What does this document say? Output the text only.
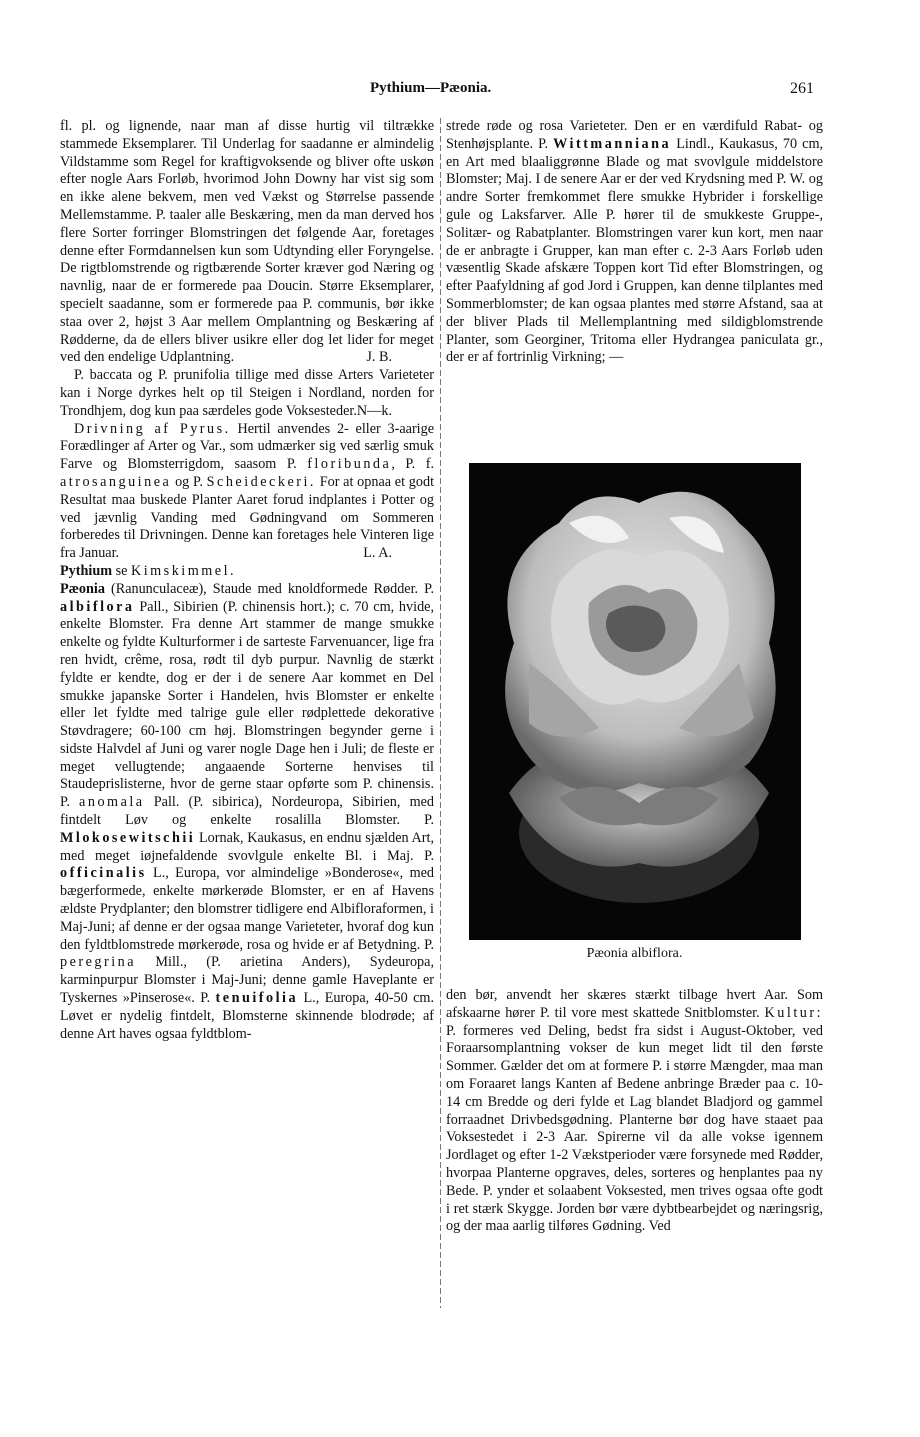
Pythium—Pæonia.	261

fl. pl. og lignende, naar man af disse hurtig vil tiltrække stammede Eksemplarer. Til Underlag for saadanne er almindelig Vildstamme som Regel for kraftigvoksende og bliver ofte uskøn efter nogle Aars Forløb, hvorimod John Downy har vist sig som en ikke alene bekvem, men ved Vækst og Størrelse passende Mellemstamme. P. taaler alle Beskæring, men da man derved hos flere Sorter forringer Blomstringen det følgende Aar, foretages denne efter Formdannelsen kun som Udtynding eller Foryngelse. De rigtblomstrende og rigtbærende Sorter kræver god Næring og navnlig, naar de er formerede paa Doucin. Større Eksemplarer, specielt saadanne, som er formerede paa P. communis, bør ikke staa over 2, højst 3 Aar mellem Omplantning og Beskæring af Rødderne, da de ellers bliver usikre eller dog let lider for meget ved den endelige Udplantning.	J. B.

P. baccata og P. prunifolia tillige med disse Arters Varieteter kan i Norge dyrkes helt op til Steigen i Nordland, norden for Trondhjem, dog kun paa særdeles gode Voksesteder. N—k.

Drivning af Pyrus. Hertil anvendes 2- eller 3-aarige Forædlinger af Arter og Var., som udmærker sig ved særlig smuk Farve og Blomsterrigdom, saasom P. floribunda, P. f. atrosanguinea og P. Scheideckeri. For at opnaa et godt Resultat maa buskede Planter Aaret forud indplantes i Potter og ved jævnlig Vanding med Gødningvand om Sommeren forberedes til Drivningen. Denne kan foretages hele Vinteren lige fra Januar.	L. A.

Pythium se Kimskimmel.

Pæonia (Ranunculaceæ), Staude med knoldformede Rødder. P. albiflora Pall., Sibirien (P. chinensis hort.); c. 70 cm, hvide, enkelte Blomster. Fra denne Art stammer de mange smukke enkelte og fyldte Kulturformer i de sarteste Farvenuancer, lige fra ren hvidt, crême, rosa, rødt til dyb purpur. Navnlig de stærkt fyldte er kendte, dog er der i de senere Aar kommet en Del smukke japanske Sorter i Handelen, hvis Blomster er enkelte eller let fyldte med talrige gule eller rødplettede dekorative Støvdragere; 60-100 cm høj. Blomstringen begynder gerne i sidste Halvdel af Juni og varer nogle Dage hen i Juli; de fleste er meget vellugtende; angaaende Sorterne henvises til Staudeprislisterne, hvor de gerne staar opførte som P. chinensis. P. anomala Pall. (P. sibirica), Nordeuropa, Sibirien, med fintdelt Løv og enkelte rosalilla Blomster. P. Mlokosewitschii Lornak, Kaukasus, en endnu sjælden Art, med meget iøjnefaldende svovlgule enkelte Bl. i Maj. P. officinalis L., Europa, vor almindelige »Bonderose«, med bægerformede, enkelte mørkerøde Blomster, er en af Havens ældste Prydplanter; den blomstrer tidligere end Albifloraformen, i Maj-Juni; af denne er der ogsaa mange Varieteter, hvoraf dog kun den fyldtblomstrede mørkerøde, rosa og hvide er af Betydning. P. peregrina Mill., (P. arietina Anders), Sydeuropa, karminpurpur Blomster i Maj-Juni; denne gamle Haveplante er Tyskernes »Pinserose«. P. tenuifolia L., Europa, 40-50 cm. Løvet er nydelig fintdelt, Blomsterne skinnende blodrøde; af denne Art haves ogsaa fyldtblom-

strede røde og rosa Varieteter. Den er en værdifuld Rabat- og Stenhøjsplante. P. Wittmanniana Lindl., Kaukasus, 70 cm, en Art med blaaliggrønne Blade og mat svovlgule middelstore Blomster; Maj. I de senere Aar er der ved Krydsning med P. W. og andre Sorter fremkommet flere smukke Hybrider i forskellige gule og Laksfarver. Alle P. hører til de smukkeste Gruppe-, Solitær- og Rabatplanter. Blomstringen varer kun kort, men naar de er anbragte i Grupper, kan man efter c. 2-3 Aars Forløb uden væsentlig Skade afskære Toppen kort Tid efter Blomstringen, og efter Paafyldning af god Jord i Gruppen, kan denne tilplantes med Sommerblomster; de kan ogsaa plantes med større Afstand, saa at der bliver Plads til Mellemplantning med sildigblomstrende Planter, som Georginer, Tritoma eller Hydrangea paniculata gr., der er af fortrinlig Virkning; —

Pæonia albiflora.

den bør, anvendt her skæres stærkt tilbage hvert Aar. Som afskaarne hører P. til vore mest skattede Snitblomster. Kultur: P. formeres ved Deling, bedst fra sidst i August-Oktober, ved Foraarsomplantning vokser de kun meget lidt til den første Sommer. Gælder det om at formere P. i større Mængder, maa man om Foraaret langs Kanten af Bedene anbringe Bræder paa c. 10-14 cm Bredde og deri fylde et Lag blandet Bladjord og gammel forraadnet Drivbedsgødning. Planterne bør dog have staaet paa Voksestedet i 2-3 Aar. Spirerne vil da alle vokse igennem Jordlaget og efter 1-2 Vækstperioder være forsynede med Rødder, hvorpaa Planterne opgraves, deles, sorteres og henplantes paa ny Bede. P. ynder et solaabent Voksested, men trives ogsaa ofte godt i ret stærk Skygge. Jorden bør være dybtbearbejdet og næringsrig, og der maa aarlig tilføres Gødning. Ved
